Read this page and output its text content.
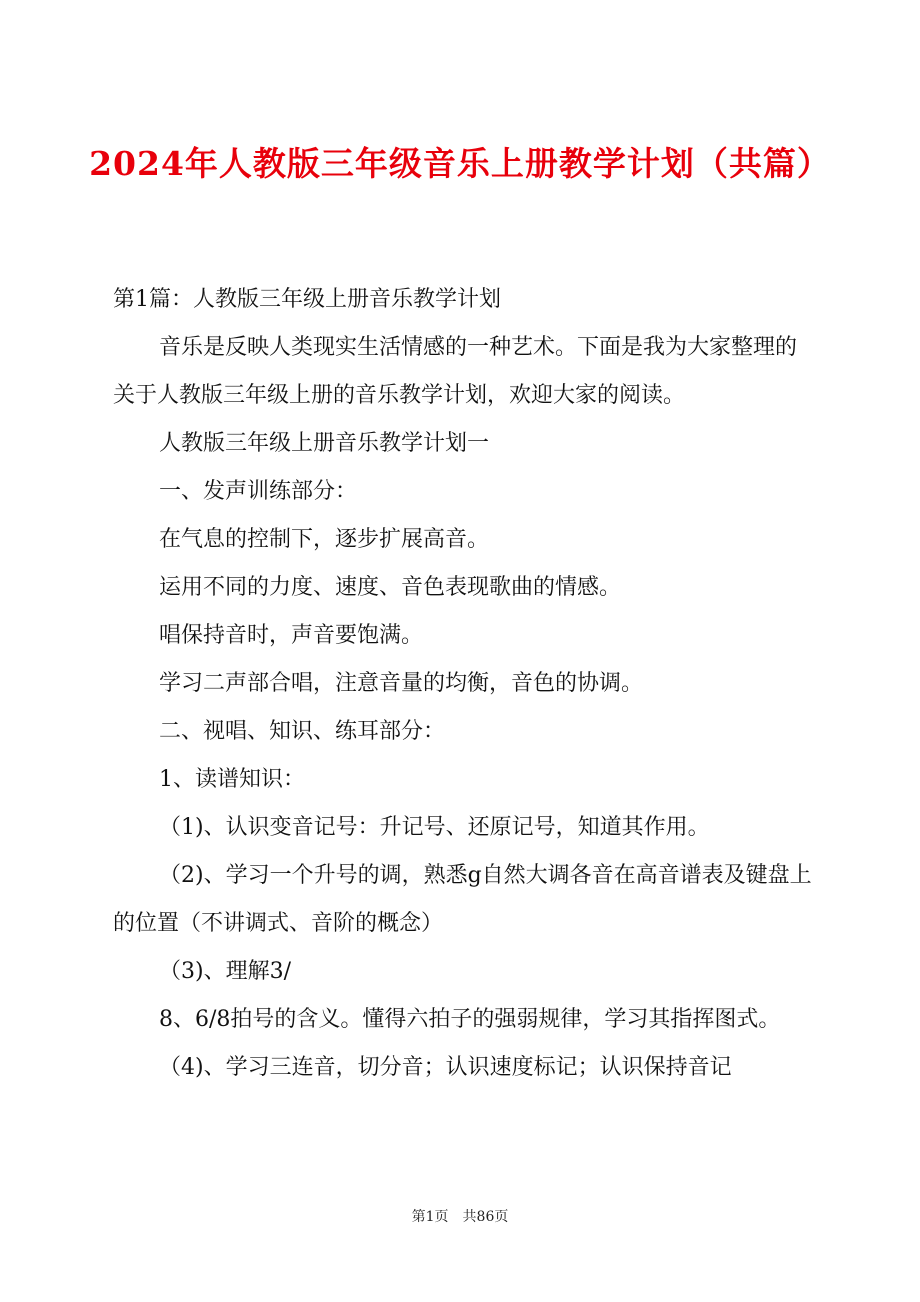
2024年人教版三年级音乐上册教学计划（共篇）

第1篇：人教版三年级上册音乐教学计划

音乐是反映人类现实生活情感的一种艺术。下面是我为大家整理的关于人教版三年级上册的音乐教学计划，欢迎大家的阅读。

人教版三年级上册音乐教学计划一

一、发声训练部分：

在气息的控制下，逐步扩展高音。

运用不同的力度、速度、音色表现歌曲的情感。

唱保持音时，声音要饱满。

学习二声部合唱，注意音量的均衡，音色的协调。

二、视唱、知识、练耳部分：

1、读谱知识：

（1)、认识变音记号：升记号、还原记号，知道其作用。

（2)、学习一个升号的调，熟悉g自然大调各音在高音谱表及键盘上的位置（不讲调式、音阶的概念）

（3)、理解3/

8、6/8拍号的含义。懂得六拍子的强弱规律，学习其指挥图式。

（4)、学习三连音，切分音；认识速度标记；认识保持音记

第1页　共86页
